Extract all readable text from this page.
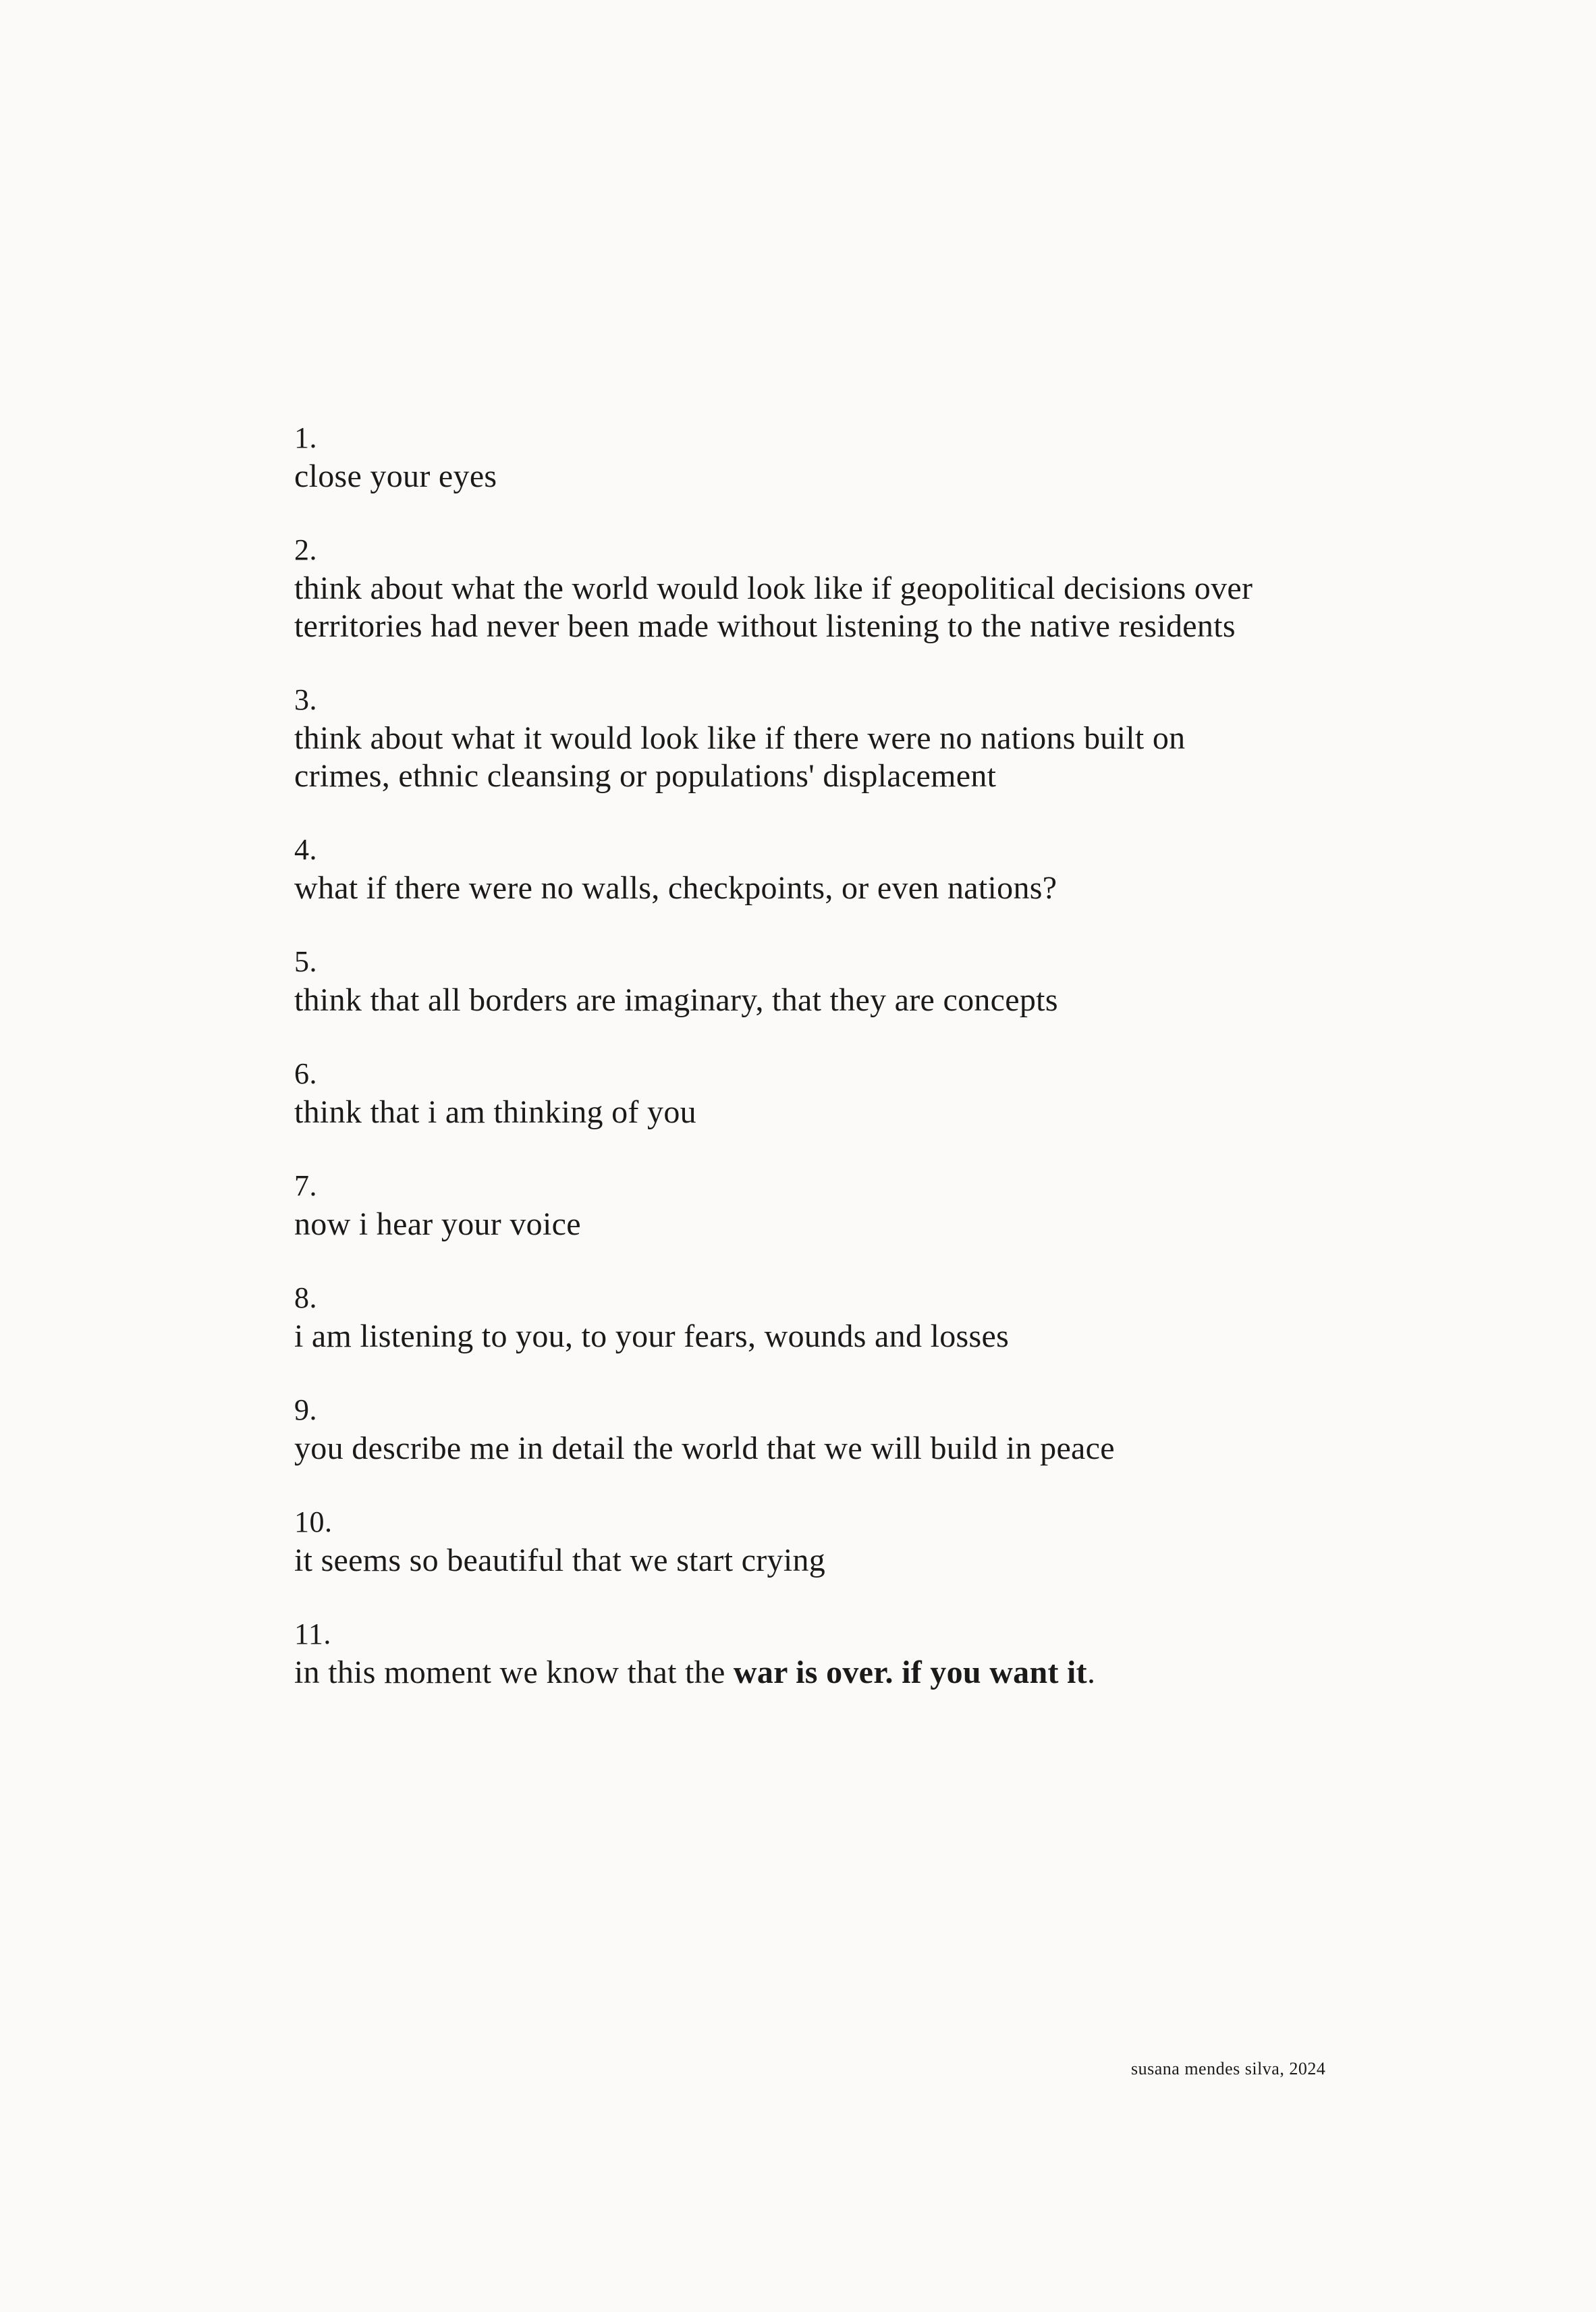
1.
close your eyes
2.
think about what the world would look like if geopolitical decisions over
territories had never been made without listening to the native residents
3.
think about what it would look like if there were no nations built on
crimes, ethnic cleansing or populations' displacement
4.
what if there were no walls, checkpoints, or even nations?
5.
think that all borders are imaginary, that they are concepts
6.
think that i am thinking of you
7.
now i hear your voice
8.
i am listening to you, to your fears, wounds and losses
9.
you describe me in detail the world that we will build in peace
10.
it seems so beautiful that we start crying
11.
in this moment we know that the war is over. if you want it.
susana mendes silva, 2024
